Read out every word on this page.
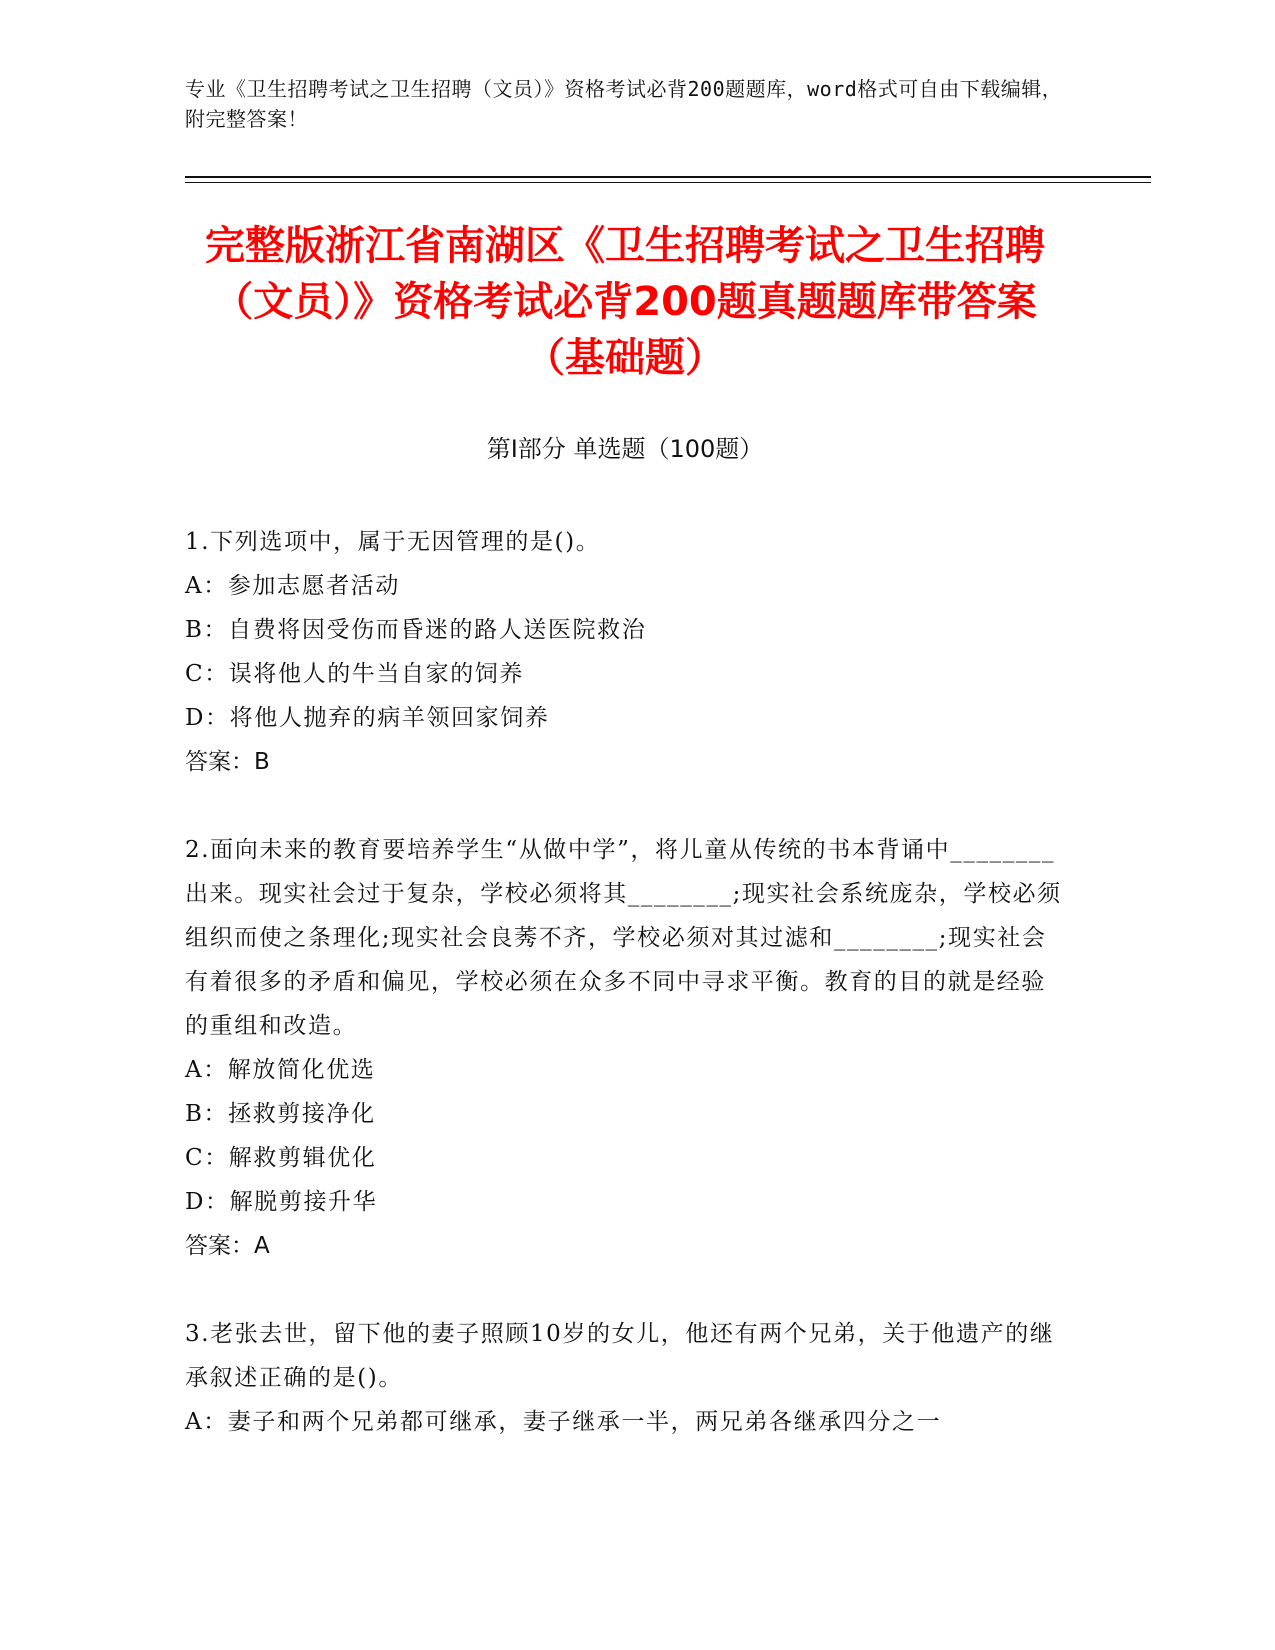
专业《卫生招聘考试之卫生招聘（文员）》资格考试必背200题题库，word格式可自由下载编辑，附完整答案！
完整版浙江省南湖区《卫生招聘考试之卫生招聘（文员）》资格考试必背200题真题题库带答案（基础题）
第Ⅰ部分 单选题（100题）

1.下列选项中，属于无因管理的是()。

A：参加志愿者活动

B：自费将因受伤而昏迷的路人送医院救治

C：误将他人的牛当自家的饲养

D：将他人抛弃的病羊领回家饲养

答案：B

2.面向未来的教育要培养学生“从做中学”，将儿童从传统的书本背诵中________出来。现实社会过于复杂，学校必须将其________;现实社会系统庞杂，学校必须组织而使之条理化;现实社会良莠不齐，学校必须对其过滤和________;现实社会有着很多的矛盾和偏见，学校必须在众多不同中寻求平衡。教育的目的就是经验的重组和改造。

A：解放简化优选

B：拯救剪接净化

C：解救剪辑优化

D：解脱剪接升华

答案：A

3.老张去世，留下他的妻子照顾10岁的女儿，他还有两个兄弟，关于他遗产的继承叙述正确的是()。

A：妻子和两个兄弟都可继承，妻子继承一半，两兄弟各继承四分之一
